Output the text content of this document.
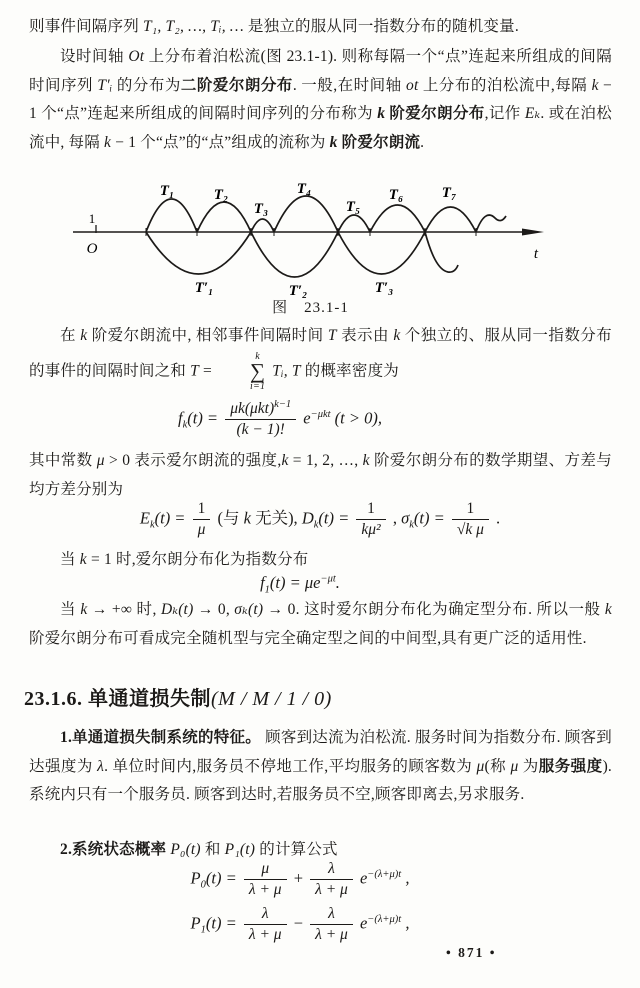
则事件间隔序列 T₁, T₂, …, Tᵢ, … 是独立的服从同一指数分布的随机变量.
设时间轴 Ot 上分布着泊松流(图 23.1-1). 则称每隔一个“点”连起来所组成的间隔时间序列 T′ᵢ 的分布为二阶爱尔朗分布. 一般,在时间轴 ot 上分布的泊松流中,每隔 k − 1 个“点”连起来所组成的间隔时间序列的分布称为 k 阶爱尔朗分布,记作 Eₖ. 或在泊松流中, 每隔 k − 1 个“点”的“点”组成的流称为 k 阶爱尔朗流.
t
1
O
T₁	T₂
T₃
T₄
T₅
T₆	T₇
T′₁	T′₂	T′₃
图　23.1-1
在 k 阶爱尔朗流中, 相邻事件间隔时间 T 表示由 k 个独立的、服从同一指数分布的事件的间隔时间之和 T =
k
∑
i=1
Tᵢ, T 的概率密度为
$f_k(t) = \frac{\mu k(\mu kt)^{k-1}}{(k - 1)!} e^{-\mu kt}$ (t > 0),
其中常数 μ > 0 表示爱尔朗流的强度,k = 1, 2, …, k 阶爱尔朗分布的数学期望、方差与均方差分别为
$E_k(t) = \frac{1}{\mu}$ (与 k 无关), $D_k(t) = \frac{1}{\text{kμ²}}$ , $\sigma_k(t) = \frac{1}{\text{√k μ}}$ .
当 k = 1 时,爱尔朗分布化为指数分布
$f_1(t) = \mu e^{-\mu t}$.
当 k → +∞ 时, Dₖ(t) → 0, σₖ(t) → 0. 这时爱尔朗分布化为确定型分布. 所以一般 k 阶爱尔朗分布可看成完全随机型与完全确定型之间的中间型,具有更广泛的适用性.
23.1.6. 单通道损失制(M / M / 1 / 0)
1.单通道损失制系统的特征。 顾客到达流为泊松流. 服务时间为指数分布. 顾客到达强度为 λ. 单位时间内,服务员不停地工作,平均服务的顾客数为 μ(称 μ 为服务强度). 系统内只有一个服务员. 顾客到达时,若服务员不空,顾客即离去,另求服务.
2.系统状态概率 P₀(t) 和 P₁(t) 的计算公式
$P_0(t) = \frac{\mu}{\lambda + \mu} + \frac{\lambda}{\lambda + \mu} e^{-(\lambda+\mu)t}$ ,
$P_1(t) = \frac{\lambda}{\lambda + \mu} - \frac{\lambda}{\lambda + \mu} e^{-(\lambda+\mu)t}$ ,
• 871 •
